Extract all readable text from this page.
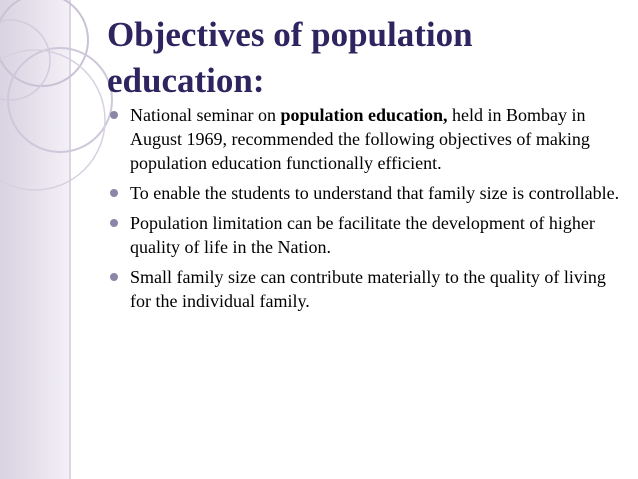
Objectives of population education:
National seminar on population education, held in Bombay in August 1969, recommended the following objectives of making population education functionally efficient.
To enable the students to understand that family size is controllable.
Population limitation can be facilitate the development of higher quality of life in the Nation.
Small family size can contribute materially to the quality of living for the individual family.
